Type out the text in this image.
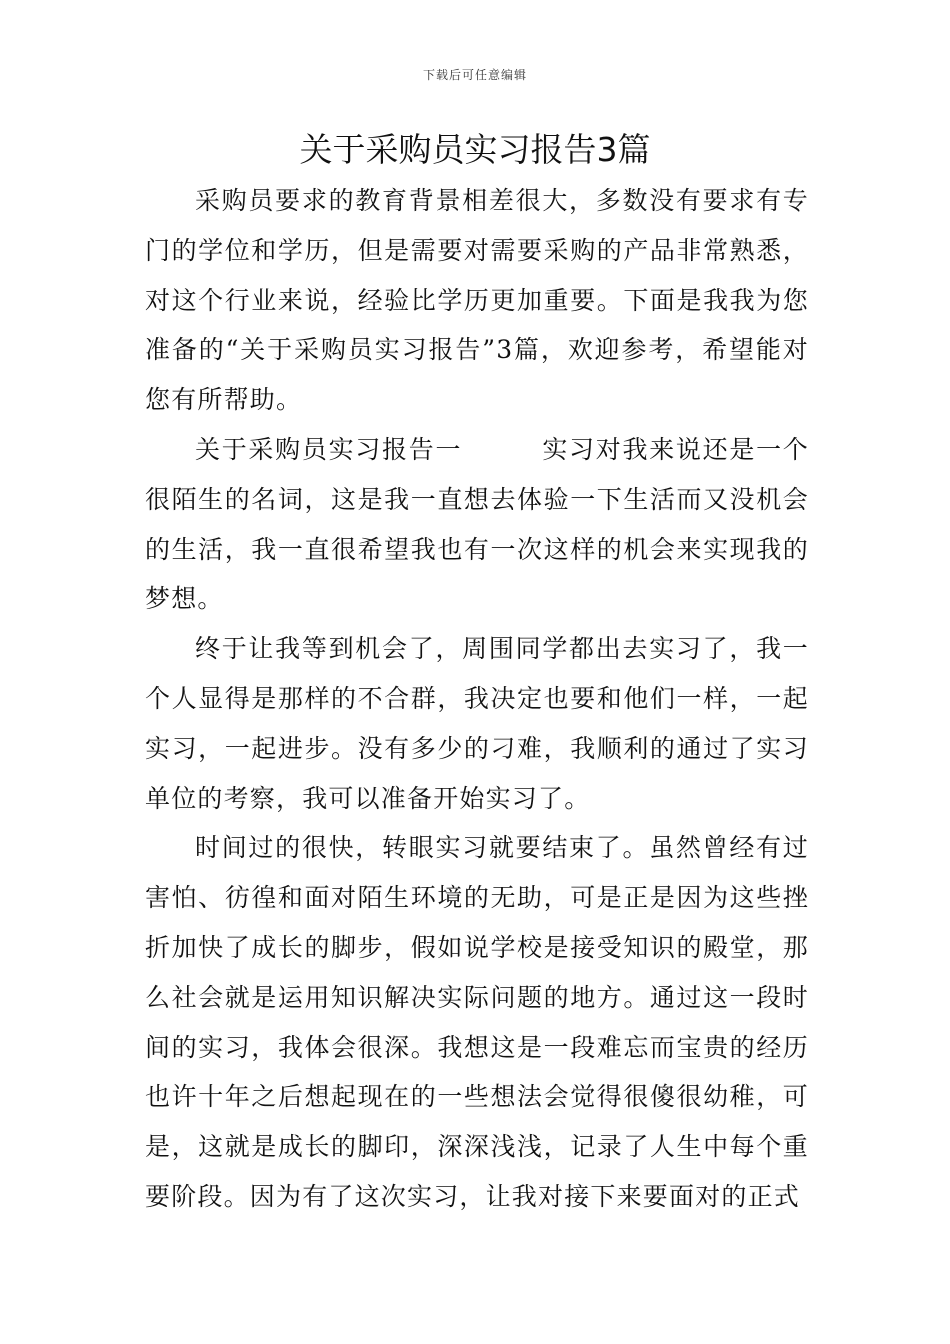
下载后可任意编辑
关于采购员实习报告3篇

采购员要求的教育背景相差很大，多数没有要求有专门的学位和学历，但是需要对需要采购的产品非常熟悉，对这个行业来说，经验比学历更加重要。下面是我我为您准备的“关于采购员实习报告”3篇，欢迎参考，希望能对您有所帮助。

关于采购员实习报告一　　　实习对我来说还是一个很陌生的名词，这是我一直想去体验一下生活而又没机会的生活，我一直很希望我也有一次这样的机会来实现我的梦想。

终于让我等到机会了，周围同学都出去实习了，我一个人显得是那样的不合群，我决定也要和他们一样，一起实习，一起进步。没有多少的刁难，我顺利的通过了实习单位的考察，我可以准备开始实习了。

时间过的很快，转眼实习就要结束了。虽然曾经有过害怕、彷徨和面对陌生环境的无助，可是正是因为这些挫折加快了成长的脚步，假如说学校是接受知识的殿堂，那么社会就是运用知识解决实际问题的地方。通过这一段时间的实习，我体会很深。我想这是一段难忘而宝贵的经历也许十年之后想起现在的一些想法会觉得很傻很幼稚，可是，这就是成长的脚印，深深浅浅，记录了人生中每个重要阶段。因为有了这次实习，让我对接下来要面对的正式
